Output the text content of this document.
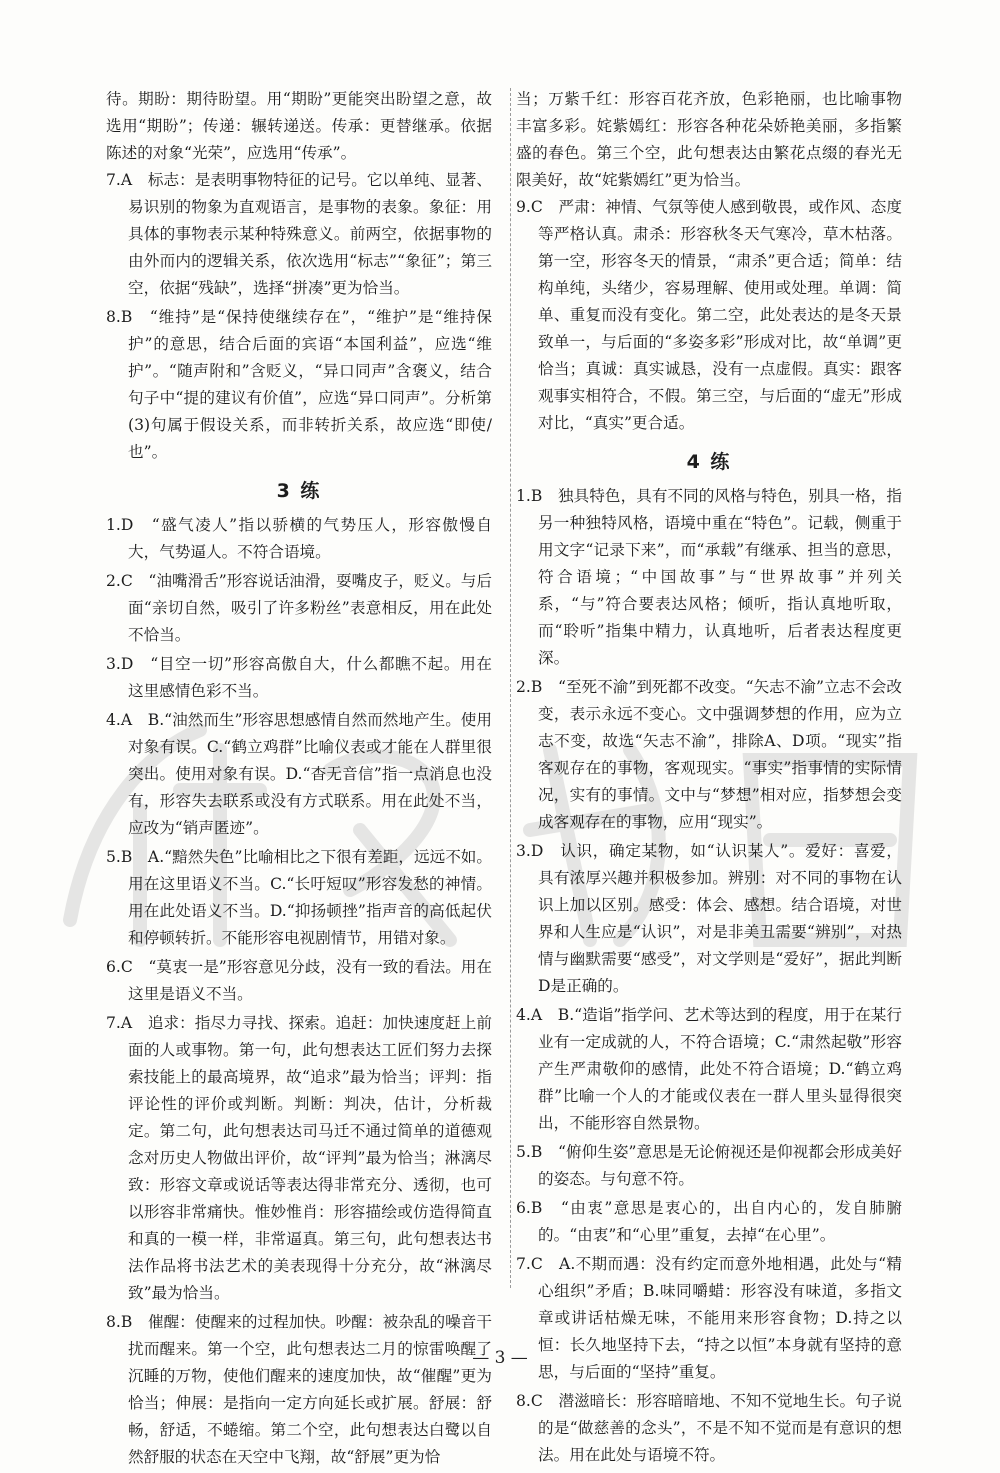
待。期盼：期待盼望。用“期盼”更能突出盼望之意，故选用“期盼”；传递：辗转递送。传承：更替继承。依据陈述的对象“光荣”，应选用“传承”。

7.A　标志：是表明事物特征的记号。它以单纯、显著、易识别的物象为直观语言，是事物的表象。象征：用具体的事物表示某种特殊意义。前两空，依据事物的由外而内的逻辑关系，依次选用“标志”“象征”；第三空，依据“残缺”，选择“拼凑”更为恰当。

8.B　“维持”是“保持使继续存在”，“维护”是“维持保护”的意思，结合后面的宾语“本国利益”，应选“维护”。“随声附和”含贬义，“异口同声”含褒义，结合句子中“提的建议有价值”，应选“异口同声”。分析第(3)句属于假设关系，而非转折关系，故应选“即使/也”。

3 练

1.D　“盛气凌人”指以骄横的气势压人，形容傲慢自大，气势逼人。不符合语境。

2.C　“油嘴滑舌”形容说话油滑，耍嘴皮子，贬义。与后面“亲切自然，吸引了许多粉丝”表意相反，用在此处不恰当。

3.D　“目空一切”形容高傲自大，什么都瞧不起。用在这里感情色彩不当。

4.A　B.“油然而生”形容思想感情自然而然地产生。使用对象有误。C.“鹤立鸡群”比喻仪表或才能在人群里很突出。使用对象有误。D.“杳无音信”指一点消息也没有，形容失去联系或没有方式联系。用在此处不当，应改为“销声匿迹”。

5.B　A.“黯然失色”比喻相比之下很有差距，远远不如。用在这里语义不当。C.“长吁短叹”形容发愁的神情。用在此处语义不当。D.“抑扬顿挫”指声音的高低起伏和停顿转折。不能形容电视剧情节，用错对象。

6.C　“莫衷一是”形容意见分歧，没有一致的看法。用在这里是语义不当。

7.A　追求：指尽力寻找、探索。追赶：加快速度赶上前面的人或事物。第一句，此句想表达工匠们努力去探索技能上的最高境界，故“追求”最为恰当；评判：指评论性的评价或判断。判断：判决，估计，分析裁定。第二句，此句想表达司马迁不通过简单的道德观念对历史人物做出评价，故“评判”最为恰当；淋漓尽致：形容文章或说话等表达得非常充分、透彻，也可以形容非常痛快。惟妙惟肖：形容描绘或仿造得简直和真的一模一样，非常逼真。第三句，此句想表达书法作品将书法艺术的美表现得十分充分，故“淋漓尽致”最为恰当。

8.B　催醒：使醒来的过程加快。吵醒：被杂乱的噪音干扰而醒来。第一个空，此句想表达二月的惊雷唤醒了沉睡的万物，使他们醒来的速度加快，故“催醒”更为恰当；伸展：是指向一定方向延长或扩展。舒展：舒畅，舒适，不蜷缩。第二个空，此句想表达白鹭以自然舒服的状态在天空中飞翔，故“舒展”更为恰

当；万紫千红：形容百花齐放，色彩艳丽，也比喻事物丰富多彩。姹紫嫣红：形容各种花朵娇艳美丽，多指繁盛的春色。第三个空，此句想表达由繁花点缀的春光无限美好，故“姹紫嫣红”更为恰当。

9.C　严肃：神情、气氛等使人感到敬畏，或作风、态度等严格认真。肃杀：形容秋冬天气寒冷，草木枯落。第一空，形容冬天的情景，“肃杀”更合适；简单：结构单纯，头绪少，容易理解、使用或处理。单调：简单、重复而没有变化。第二空，此处表达的是冬天景致单一，与后面的“多姿多彩”形成对比，故“单调”更恰当；真诚：真实诚恳，没有一点虚假。真实：跟客观事实相符合，不假。第三空，与后面的“虚无”形成对比，“真实”更合适。

4 练

1.B　独具特色，具有不同的风格与特色，别具一格，指另一种独特风格，语境中重在“特色”。记载，侧重于用文字“记录下来”，而“承载”有继承、担当的意思，符合语境；“中国故事”与“世界故事”并列关系，“与”符合要表达风格；倾听，指认真地听取，而“聆听”指集中精力，认真地听，后者表达程度更深。

2.B　“至死不渝”到死都不改变。“矢志不渝”立志不会改变，表示永远不变心。文中强调梦想的作用，应为立志不变，故选“矢志不渝”，排除A、D项。“现实”指客观存在的事物，客观现实。“事实”指事情的实际情况，实有的事情。文中与“梦想”相对应，指梦想会变成客观存在的事物，应用“现实”。

3.D　认识，确定某物，如“认识某人”。爱好：喜爱，具有浓厚兴趣并积极参加。辨别：对不同的事物在认识上加以区别。感受：体会、感想。结合语境，对世界和人生应是“认识”，对是非美丑需要“辨别”，对热情与幽默需要“感受”，对文学则是“爱好”，据此判断D是正确的。

4.A　B.“造诣”指学问、艺术等达到的程度，用于在某行业有一定成就的人，不符合语境；C.“肃然起敬”形容产生严肃敬仰的感情，此处不符合语境；D.“鹤立鸡群”比喻一个人的才能或仪表在一群人里头显得很突出，不能形容自然景物。

5.B　“俯仰生姿”意思是无论俯视还是仰视都会形成美好的姿态。与句意不符。

6.B　“由衷”意思是衷心的，出自内心的，发自肺腑的。“由衷”和“心里”重复，去掉“在心里”。

7.C　A.不期而遇：没有约定而意外地相遇，此处与“精心组织”矛盾；B.味同嚼蜡：形容没有味道，多指文章或讲话枯燥无味，不能用来形容食物；D.持之以恒：长久地坚持下去，“持之以恒”本身就有坚持的意思，与后面的“坚持”重复。

8.C　潜滋暗长：形容暗暗地、不知不觉地生长。句子说的是“做慈善的念头”，不是不知不觉而是有意识的想法。用在此处与语境不符。

— 3 —
